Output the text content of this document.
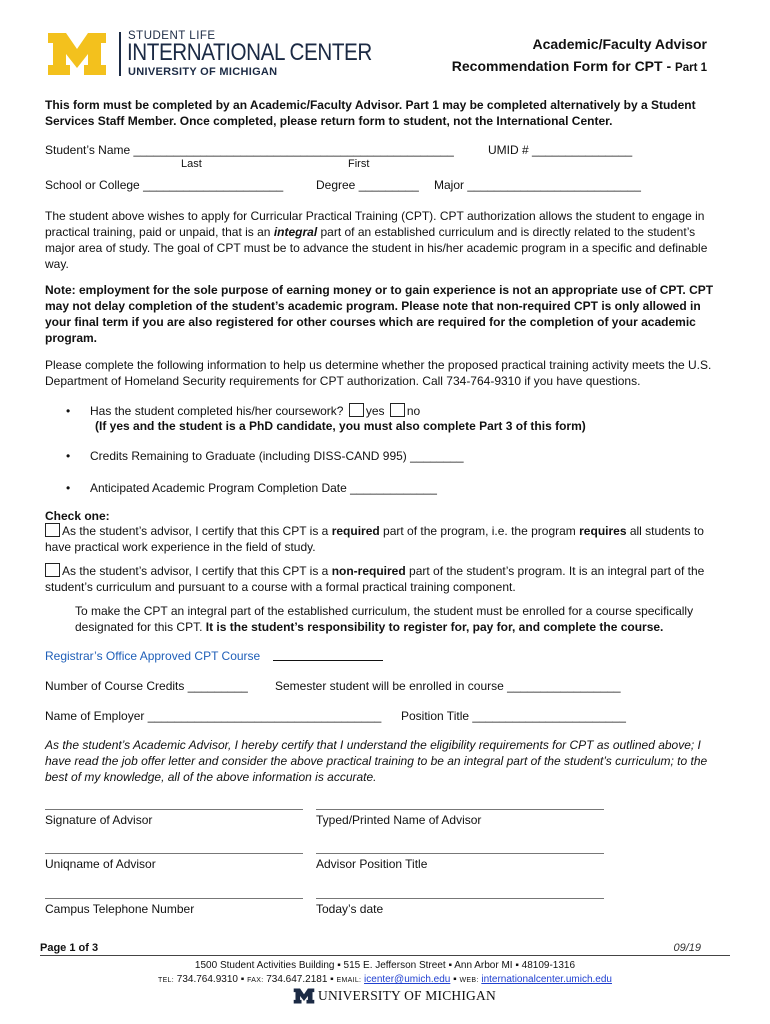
STUDENT LIFE
INTERNATIONAL CENTER
UNIVERSITY OF MICHIGAN
Academic/Faculty Advisor
Recommendation Form for CPT - Part 1
This form must be completed by an Academic/Faculty Advisor. Part 1 may be completed alternatively by a Student Services Staff Member. Once completed, please return form to student, not the International Center.
Student’s Name ________________________________________________	UMID # _______________
Last	First
School or College _____________________	Degree _________ Major __________________________
The student above wishes to apply for Curricular Practical Training (CPT). CPT authorization allows the student to engage in practical training, paid or unpaid, that is an integral part of an established curriculum and is directly related to the student’s major area of study. The goal of CPT must be to advance the student in his/her academic program in a specific and definable way.
Note: employment for the sole purpose of earning money or to gain experience is not an appropriate use of CPT. CPT may not delay completion of the student’s academic program. Please note that non-required CPT is only allowed in your final term if you are also registered for other courses which are required for the completion of your academic program.
Please complete the following information to help us determine whether the proposed practical training activity meets the U.S. Department of Homeland Security requirements for CPT authorization. Call 734-764-9310 if you have questions.
• Has the student completed his/her coursework? yes no
(If yes and the student is a PhD candidate, you must also complete Part 3 of this form)
• Credits Remaining to Graduate (including DISS-CAND 995) ________
• Anticipated Academic Program Completion Date _____________
Check one:
As the student’s advisor, I certify that this CPT is a required part of the program, i.e. the program requires all students to have practical work experience in the field of study.
As the student’s advisor, I certify that this CPT is a non-required part of the student’s program. It is an integral part of the student’s curriculum and pursuant to a course with a formal practical training component.
To make the CPT an integral part of the established curriculum, the student must be enrolled for a course specifically designated for this CPT. It is the student’s responsibility to register for, pay for, and complete the course.
Registrar’s Office Approved CPT Course
Number of Course Credits _________ Semester student will be enrolled in course _________________
Name of Employer ___________________________________ Position Title _______________________
As the student’s Academic Advisor, I hereby certify that I understand the eligibility requirements for CPT as outlined above; I have read the job offer letter and consider the above practical training to be an integral part of the student’s curriculum; to the best of my knowledge, all of the above information is accurate.
Signature of Advisor	Typed/Printed Name of Advisor
Uniqname of Advisor	Advisor Position Title
Campus Telephone Number	Today’s date
Page 1 of 3	09/19
1500 Student Activities Building ▪ 515 E. Jefferson Street ▪ Ann Arbor MI ▪ 48109-1316
TEL: 734.764.9310 ▪ FAX: 734.647.2181 ▪ EMAIL: icenter@umich.edu ▪ WEB: internationalcenter.umich.edu
UNIVERSITY OF MICHIGAN
